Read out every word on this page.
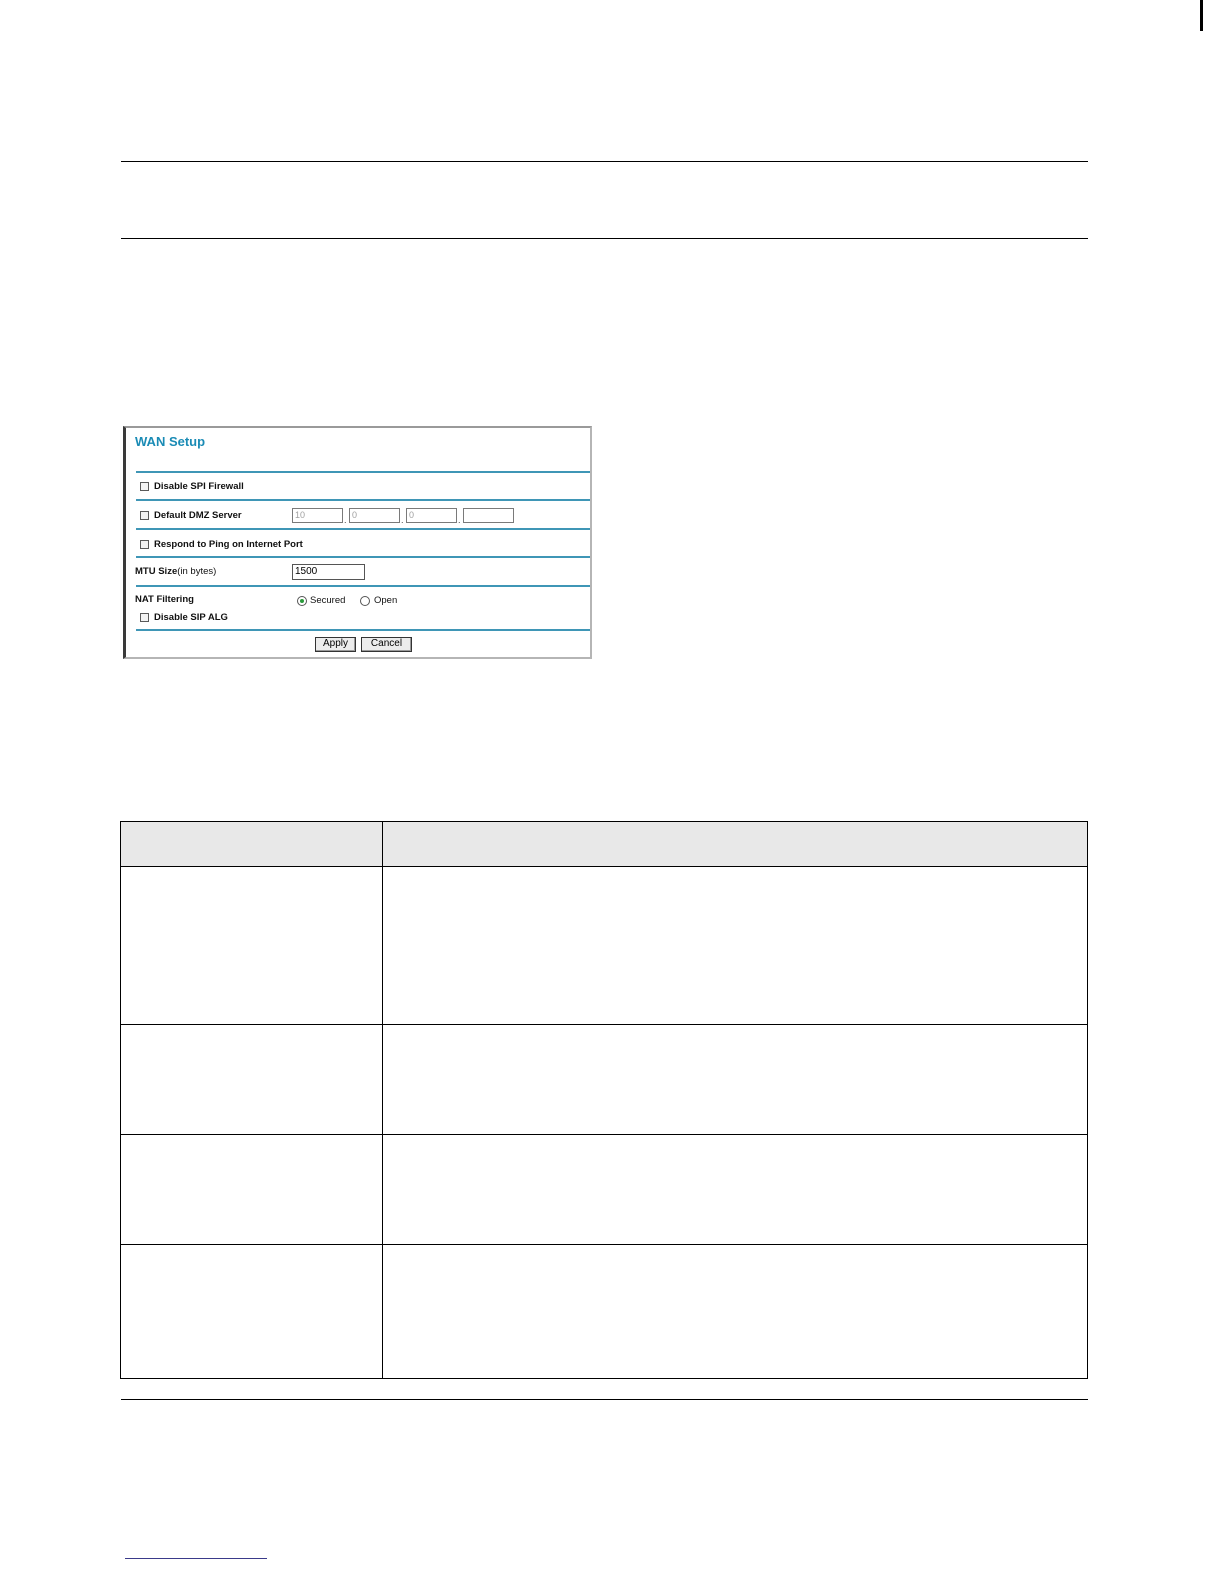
WAN Setup
Disable SPI Firewall
Default DMZ Server	10	. 0	. 0	.
Respond to Ping on Internet Port
MTU Size(in bytes)	1500
NAT Filtering	Secured	Open
Disable SIP ALG
Apply	Cancel
